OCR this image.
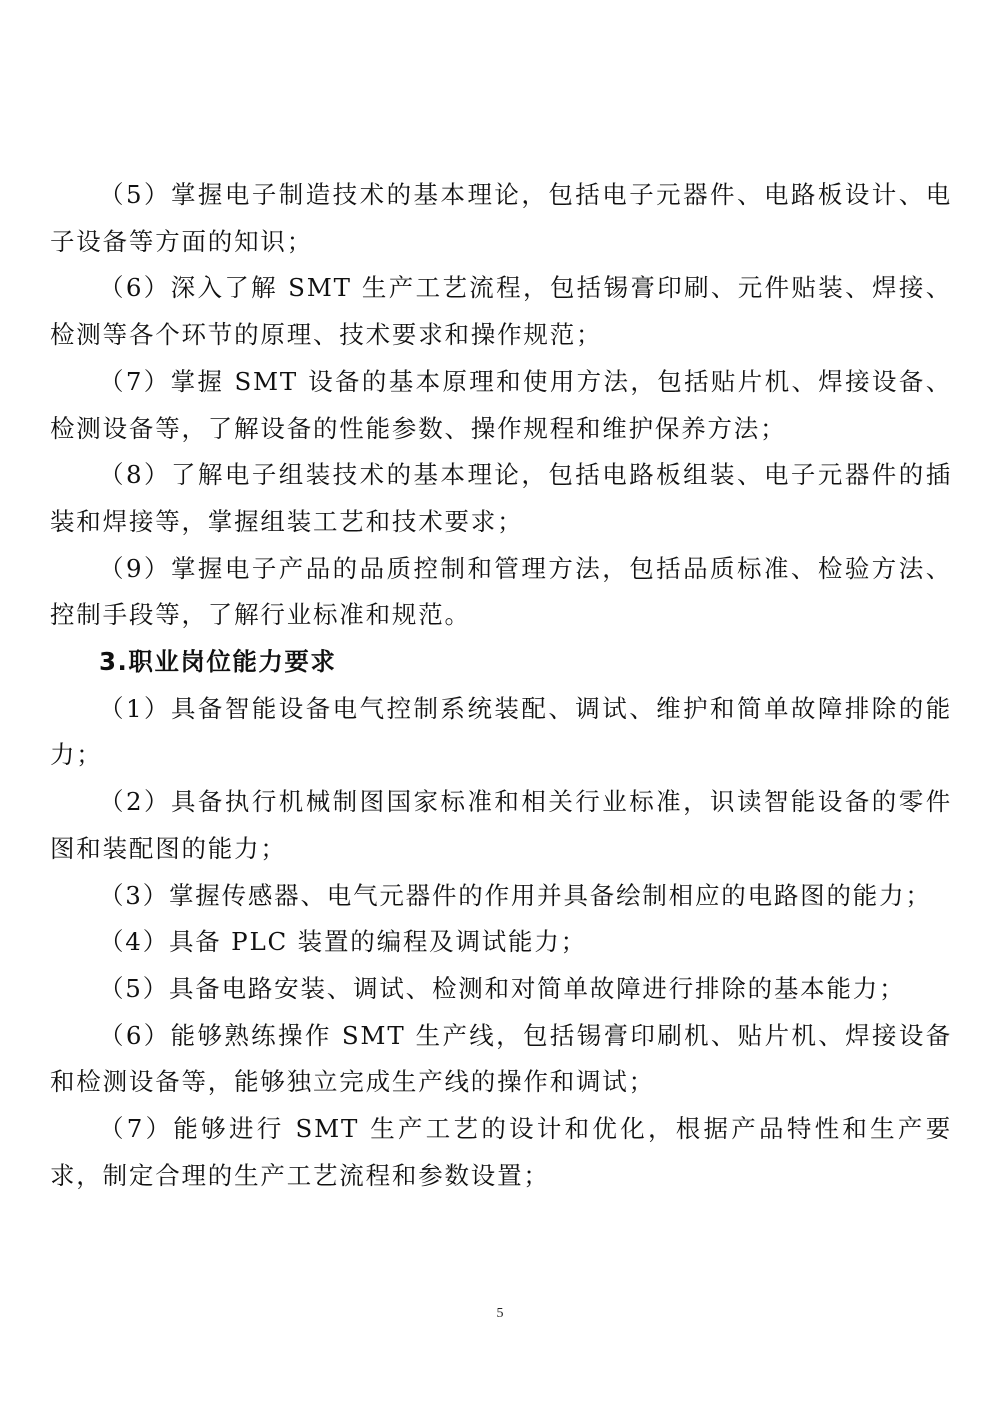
（5）掌握电子制造技术的基本理论，包括电子元器件、电路板设计、电子设备等方面的知识；

（6）深入了解 SMT 生产工艺流程，包括锡膏印刷、元件贴装、焊接、检测等各个环节的原理、技术要求和操作规范；

（7）掌握 SMT 设备的基本原理和使用方法，包括贴片机、焊接设备、检测设备等，了解设备的性能参数、操作规程和维护保养方法；

（8）了解电子组装技术的基本理论，包括电路板组装、电子元器件的插装和焊接等，掌握组装工艺和技术要求；

（9）掌握电子产品的品质控制和管理方法，包括品质标准、检验方法、控制手段等，了解行业标准和规范。

3.职业岗位能力要求

（1）具备智能设备电气控制系统装配、调试、维护和简单故障排除的能力；

（2）具备执行机械制图国家标准和相关行业标准，识读智能设备的零件图和装配图的能力；

（3）掌握传感器、电气元器件的作用并具备绘制相应的电路图的能力；

（4）具备 PLC 装置的编程及调试能力；

（5）具备电路安装、调试、检测和对简单故障进行排除的基本能力；

（6）能够熟练操作 SMT 生产线，包括锡膏印刷机、贴片机、焊接设备和检测设备等，能够独立完成生产线的操作和调试；

（7）能够进行 SMT 生产工艺的设计和优化，根据产品特性和生产要求，制定合理的生产工艺流程和参数设置；

5
